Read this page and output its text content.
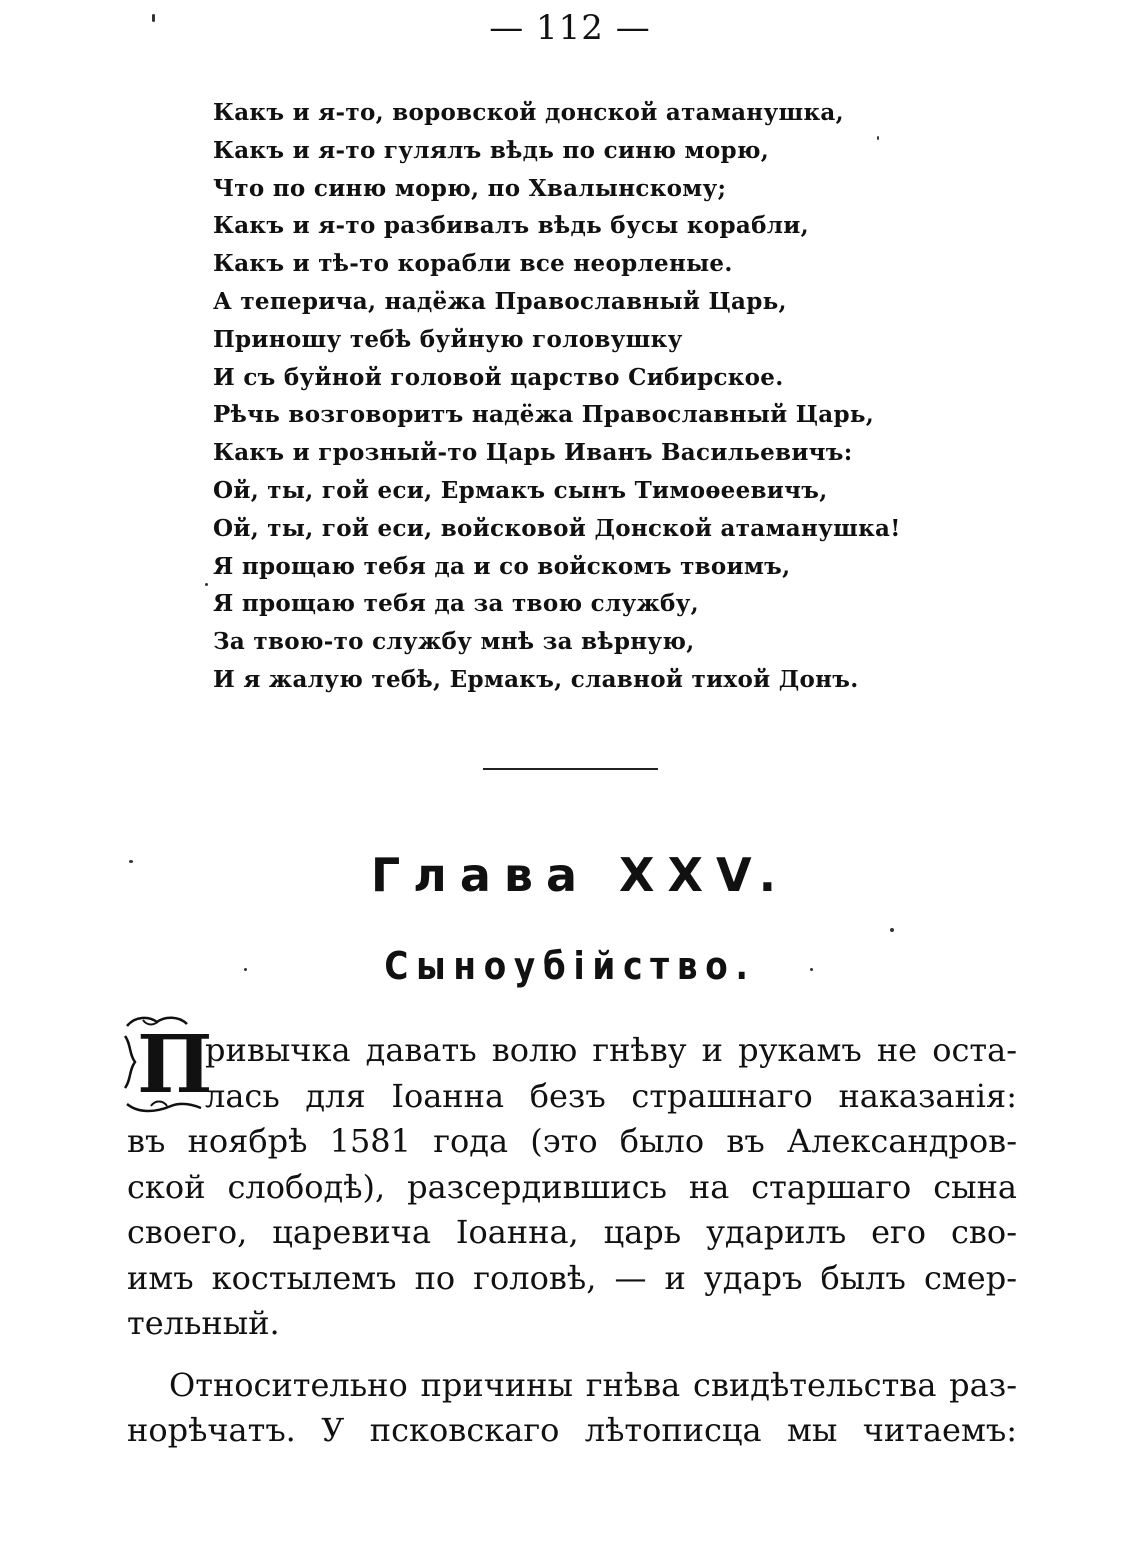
— 112 —
Какъ и я-то, воровской донской атаманушка,
Какъ и я-то гулялъ вѣдь по синю морю,
Что по синю морю, по Хвалынскому;
Какъ и я-то разбивалъ вѣдь бусы корабли,
Какъ и тѣ-то корабли все неорленые.
А теперича, надёжа Православный Царь,
Приношу тебѣ буйную головушку
И съ буйной головой царство Сибирское.
Рѣчь возговоритъ надёжа Православный Царь,
Какъ и грозный-то Царь Иванъ Васильевичъ:
Ой, ты, гой еси, Ермакъ сынъ Тимоѳеевичъ,
Ой, ты, гой еси, войсковой Донской атаманушка!
Я прощаю тебя да и со войскомъ твоимъ,
Я прощаю тебя да за твою службу,
За твою-то службу мнѣ за вѣрную,
И я жалую тебѣ, Ермакъ, славной тихой Донъ.
Глава XXV.
Сыноубійство.
П
ривычка давать волю гнѣву и рукамъ не оста-
лась для Іоанна безъ страшнаго наказанія:
въ ноябрѣ 1581 года (это было въ Александров-
ской слободѣ), разсердившись на старшаго сына
своего, царевича Іоанна, царь ударилъ его сво-
имъ костылемъ по головѣ, — и ударъ былъ смер-
тельный.
Относительно причины гнѣва свидѣтельства раз-
норѣчатъ. У псковскаго лѣтописца мы читаемъ:
